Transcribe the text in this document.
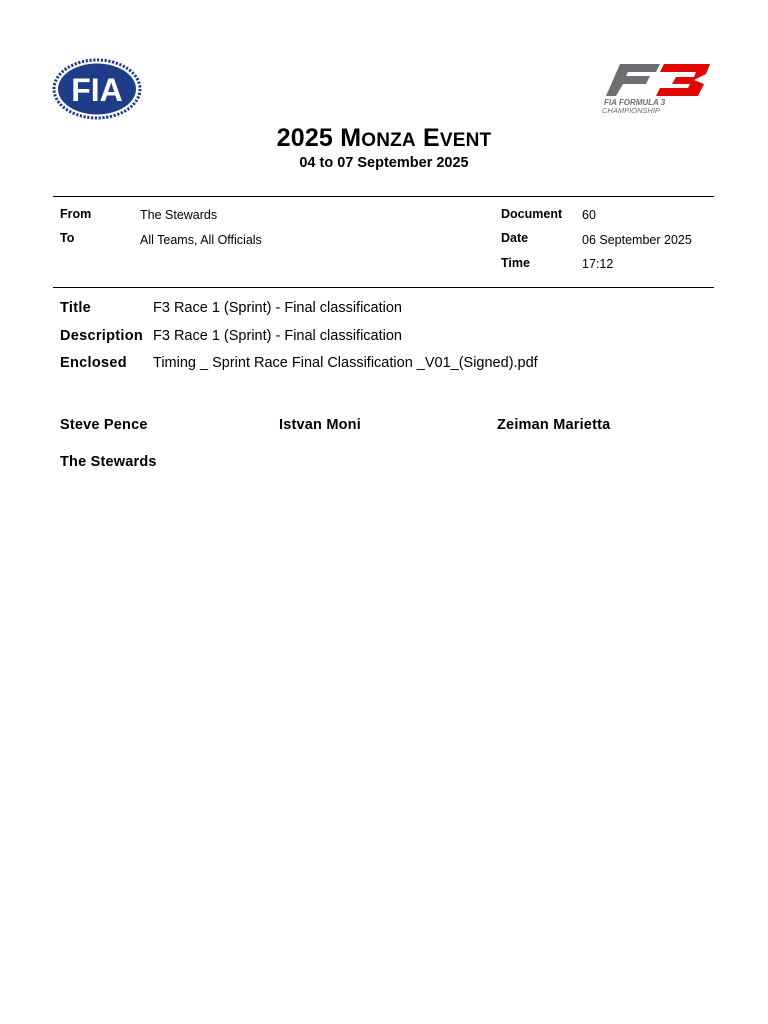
FIA	FIA FORMULA 3
CHAMPIONSHIP
2025 MONZA EVENT
04 to 07 September 2025
From	The Stewards
To	All Teams, All Officials
Document 60
Date	06 September 2025
Time	17:12
Title	F3 Race 1 (Sprint) - Final classification
Description F3 Race 1 (Sprint) - Final classification
Enclosed Timing _ Sprint Race Final Classification _V01_(Signed).pdf
Steve Pence	Istvan Moni	Zeiman Marietta
The Stewards
